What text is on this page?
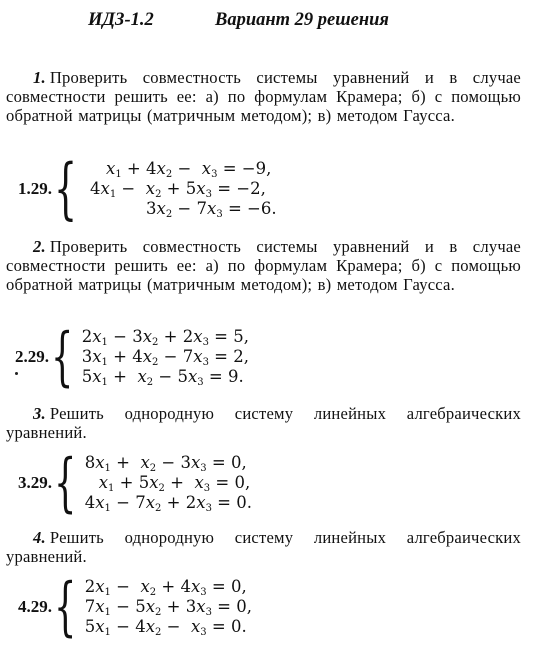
ИДЗ-1.2	Вариант 29 решения
1. Проверить совместность системы уравнений и в случае совместности решить ее: а) по формулам Крамера; б) с помощью обратной матрицы (матричным методом); в) методом Гаусса.
1.29. {	$x_1 + 4x_2 - x_3 = -9$,
$4x_1 - x_2 + 5x_3 = -2$,
$3x_2 - 7x_3 = -6$.
2. Проверить совместность системы уравнений и в случае совместности решить ее: а) по формулам Крамера; б) с помощью обратной матрицы (матричным методом); в) методом Гаусса.
2.29. { $2x_1 - 3x_2 + 2x_3 = 5$,
$3x_1 + 4x_2 - 7x_3 = 2$,
$5x_1 + x_2 - 5x_3 = 9$.
3. Решить однородную систему линейных алгебраических уравнений.
3.29. { $8x_1 + x_2 - 3x_3 = 0$,
$x_1 + 5x_2 + x_3 = 0$,
$4x_1 - 7x_2 + 2x_3 = 0$.
4. Решить однородную систему линейных алгебраических уравнений.
4.29. { $2x_1 - x_2 + 4x_3 = 0$,
$7x_1 - 5x_2 + 3x_3 = 0$,
$5x_1 - 4x_2 - x_3 = 0$.
